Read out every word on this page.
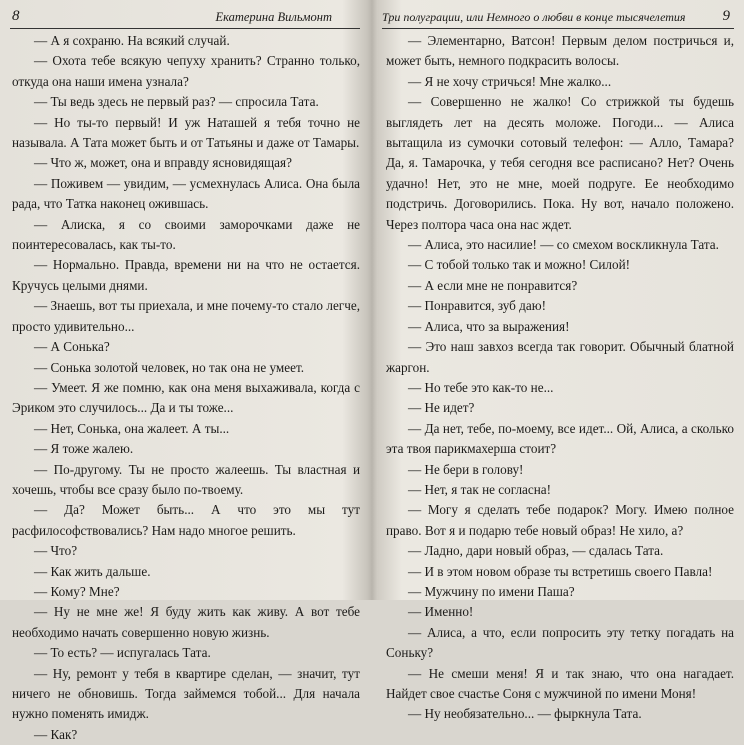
8	Екатерина Вильмонт

— А я сохраню. На всякий случай.

— Охота тебе всякую чепуху хранить? Странно только, откуда она наши имена узнала?

— Ты ведь здесь не первый раз? — спросила Тата.

— Но ты-то первый! И уж Наташей я тебя точно не называла. А Тата может быть и от Татьяны и даже от Тамары.

— Что ж, может, она и вправду ясновидящая?

— Поживем — увидим, — усмехнулась Алиса. Она была рада, что Татка наконец ожившась.

— Алиска, я со своими заморочками даже не поинтересовалась, как ты-то.

— Нормально. Правда, времени ни на что не остается. Кручусь целыми днями.

— Знаешь, вот ты приехала, и мне почему-то стало легче, просто удивительно...

— А Сонька?

— Сонька золотой человек, но так она не умеет.

— Умеет. Я же помню, как она меня выхаживала, когда с Эриком это случилось... Да и ты тоже...

— Нет, Сонька, она жалеет. А ты...

— Я тоже жалею.

— По-другому. Ты не просто жалеешь. Ты властная и хочешь, чтобы все сразу было по-твоему.

— Да? Может быть... А что это мы тут расфилософствовались? Нам надо многое решить.

— Что?

— Как жить дальше.

— Кому? Мне?

— Ну не мне же! Я буду жить как живу. А вот тебе необходимо начать совершенно новую жизнь.

— То есть? — испугалась Тата.

— Ну, ремонт у тебя в квартире сделан, — значит, тут ничего не обновишь. Тогда займемся тобой... Для начала нужно поменять имидж.

— Как?

Три полуграции, или Немного о любви в конце тысячелетия 9

— Элементарно, Ватсон! Первым делом постричься и, может быть, немного подкрасить волосы.

— Я не хочу стричься! Мне жалко...

— Совершенно не жалко! Со стрижкой ты будешь выглядеть лет на десять моложе. Погоди... — Алиса вытащила из сумочки сотовый телефон: — Алло, Тамара? Да, я. Тамарочка, у тебя сегодня все расписано? Нет? Очень удачно! Нет, это не мне, моей подруге. Ее необходимо подстричь. Договорились. Пока. Ну вот, начало положено. Через полтора часа она нас ждет.

— Алиса, это насилие! — со смехом воскликнула Тата.

— С тобой только так и можно! Силой!

— А если мне не понравится?

— Понравится, зуб даю!

— Алиса, что за выражения!

— Это наш завхоз всегда так говорит. Обычный блатной жаргон.

— Но тебе это как-то не...

— Не идет?

— Да нет, тебе, по-моему, все идет... Ой, Алиса, а сколько эта твоя парикмахерша стоит?

— Не бери в голову!

— Нет, я так не согласна!

— Могу я сделать тебе подарок? Могу. Имею полное право. Вот я и подарю тебе новый образ! Не хило, а?

— Ладно, дари новый образ, — сдалась Тата.

— И в этом новом образе ты встретишь своего Павла!

— Мужчину по имени Паша?

— Именно!

— Алиса, а что, если попросить эту тетку погадать на Соньку?

— Не смеши меня! Я и так знаю, что она нагадает. Найдет свое счастье Соня с мужчиной по имени Моня!

— Ну необязательно... — фыркнула Тата.
